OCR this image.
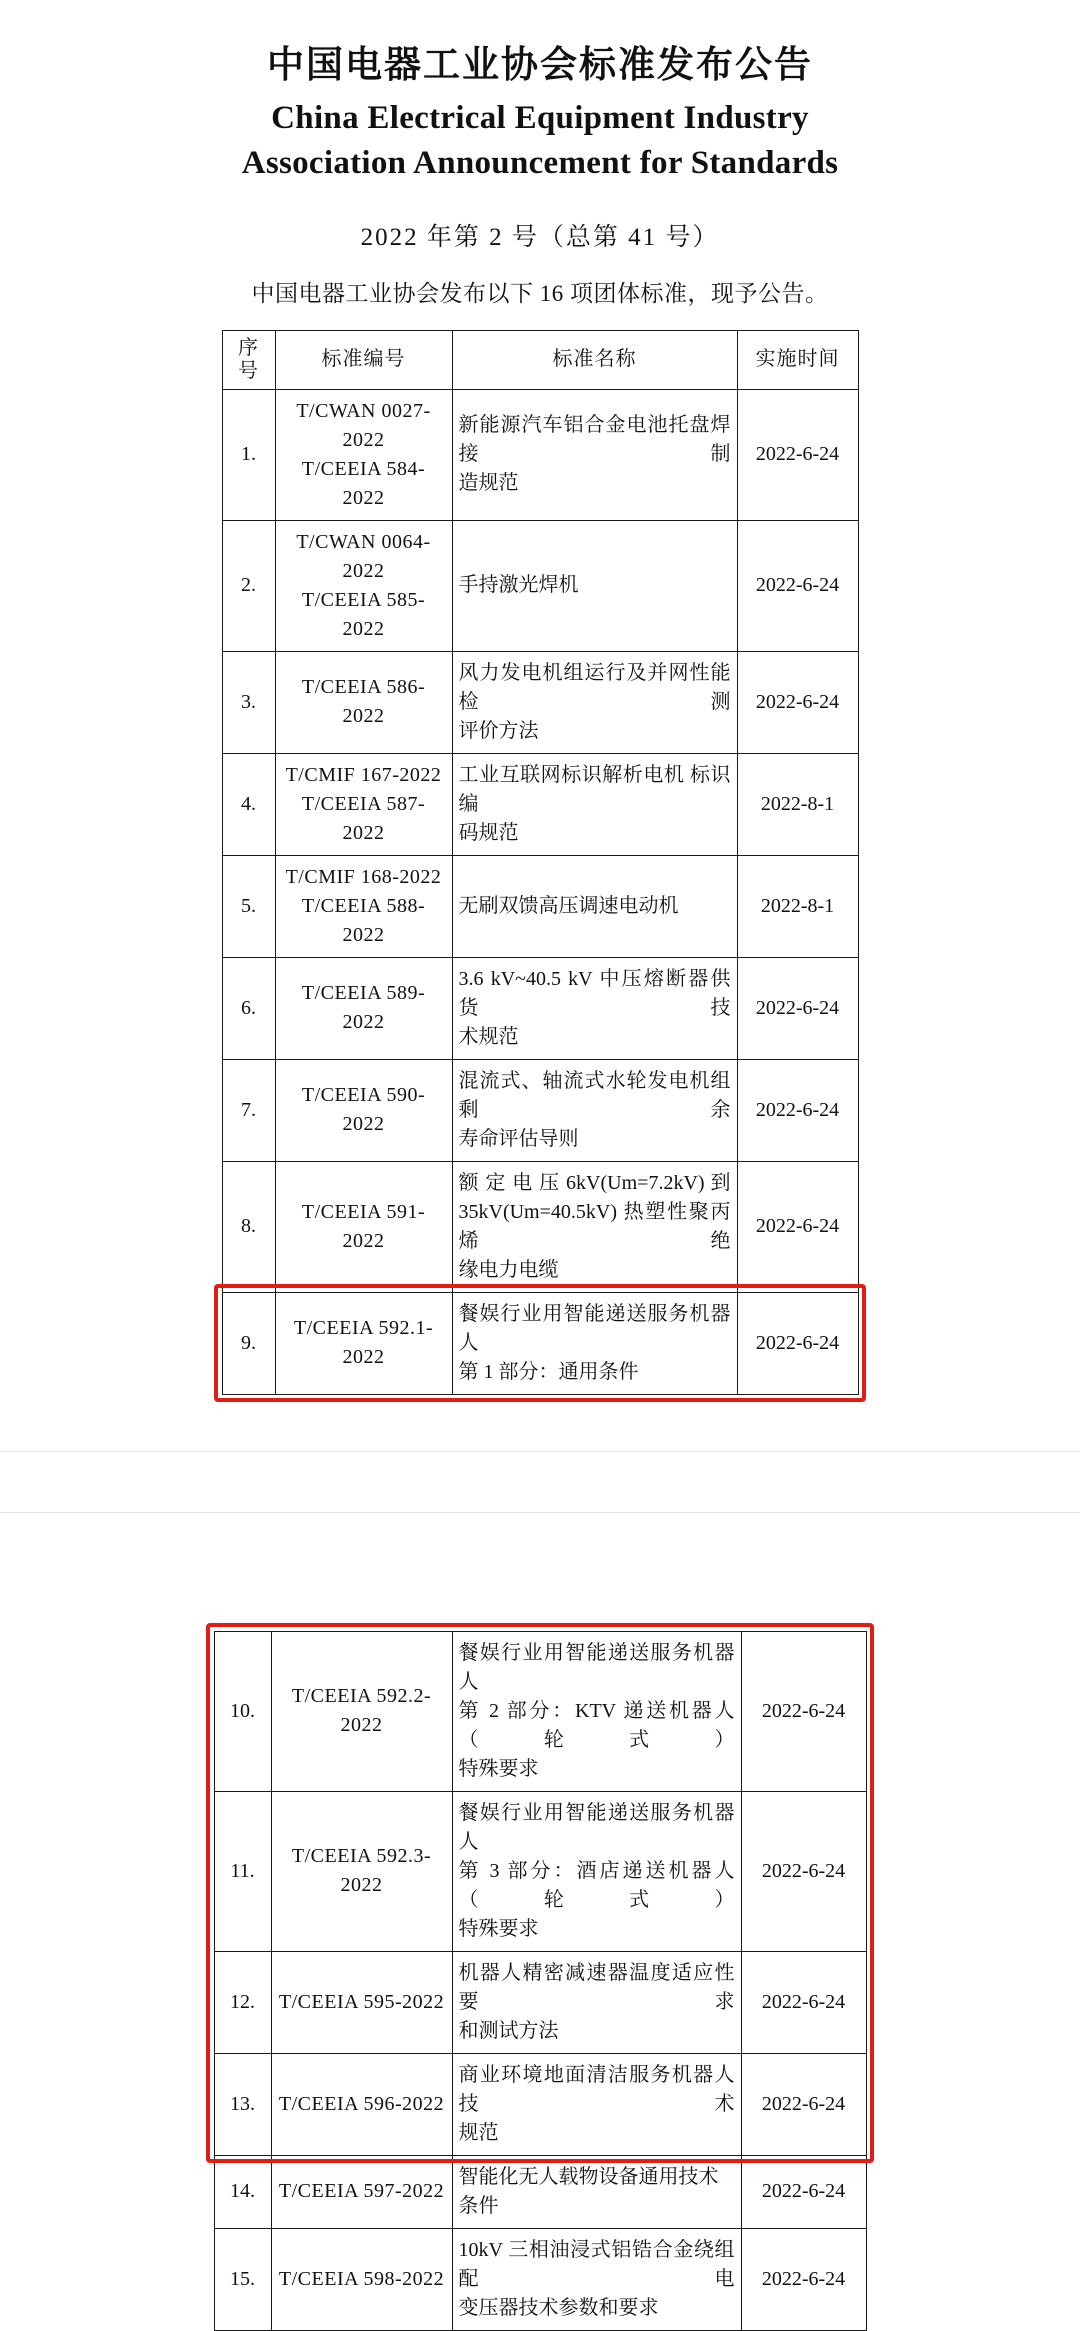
中国电器工业协会标准发布公告
China Electrical Equipment Industry
Association Announcement for Standards
2022 年第 2 号（总第 41 号）
中国电器工业协会发布以下 16 项团体标准，现予公告。
序
号	标准编号	标准名称	实施时间
1.	T/CWAN 0027-2022
T/CEEIA 584-2022	新能源汽车铝合金电池托盘焊接制
造规范	2022-6-24
2.	T/CWAN 0064-2022
T/CEEIA 585-2022	手持激光焊机	2022-6-24
3.	T/CEEIA 586-2022	风力发电机组运行及并网性能检测
评价方法	2022-6-24
4.	T/CMIF 167-2022
T/CEEIA 587-2022	工业互联网标识解析电机 标识编
码规范	2022-8-1
5.	T/CMIF 168-2022
T/CEEIA 588-2022	无刷双馈高压调速电动机	2022-8-1
6.	T/CEEIA 589-2022	3.6 kV~40.5 kV 中压熔断器供货技
术规范	2022-6-24
7.	T/CEEIA 590-2022	混流式、轴流式水轮发电机组剩余
寿命评估导则	2022-6-24
8.	T/CEEIA 591-2022	额 定 电 压 6kV(Um=7.2kV) 到
35kV(Um=40.5kV) 热塑性聚丙烯绝
缘电力电缆	2022-6-24
9.	T/CEEIA 592.1-2022	餐娱行业用智能递送服务机器人
第 1 部分：通用条件	2022-6-24
10.	T/CEEIA 592.2-2022	餐娱行业用智能递送服务机器人
第 2 部分：KTV 递送机器人（轮式）
特殊要求	2022-6-24
11.	T/CEEIA 592.3-2022	餐娱行业用智能递送服务机器人
第 3 部分：酒店递送机器人（轮式）
特殊要求	2022-6-24
12.	T/CEEIA 595-2022	机器人精密减速器温度适应性要求
和测试方法	2022-6-24
13.	T/CEEIA 596-2022	商业环境地面清洁服务机器人技术
规范	2022-6-24
14.	T/CEEIA 597-2022	智能化无人载物设备通用技术条件	2022-6-24
15.	T/CEEIA 598-2022	10kV 三相油浸式铝锆合金绕组配电
变压器技术参数和要求	2022-6-24
